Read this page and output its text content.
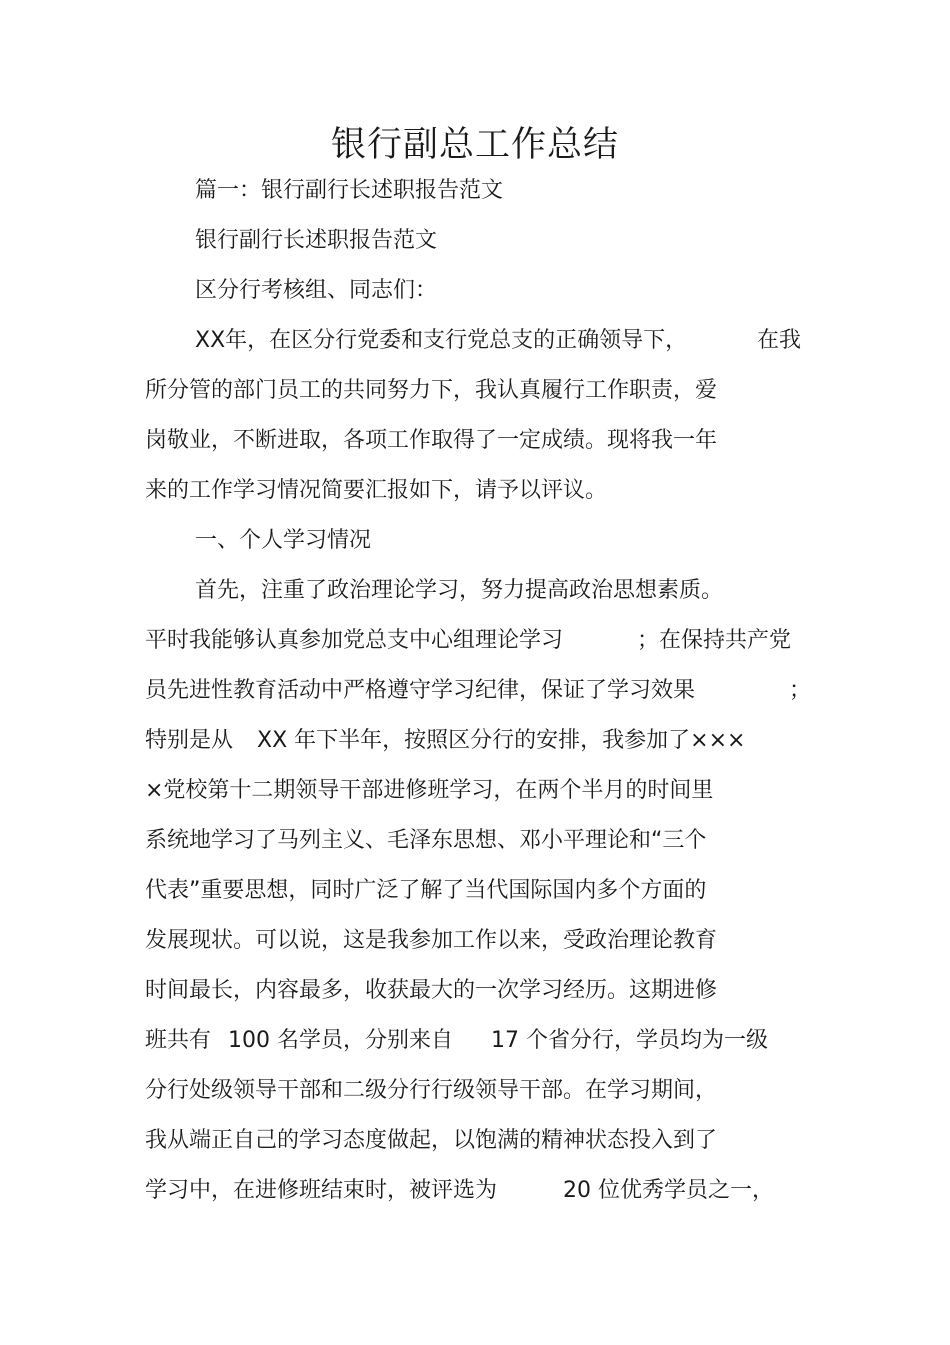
银行副总工作总结

篇一：银行副行长述职报告范文

银行副行长述职报告范文

区分行考核组、同志们：

XX年，在区分行党委和支行党总支的正确领导下，	在我

所分管的部门员工的共同努力下，我认真履行工作职责，爱

岗敬业，不断进取，各项工作取得了一定成绩。现将我一年

来的工作学习情况简要汇报如下，请予以评议。

一、个人学习情况

首先，注重了政治理论学习，努力提高政治思想素质。

平时我能够认真参加党总支中心组理论学习	；在保持共产党

员先进性教育活动中严格遵守学习纪律，保证了学习效果	；

特别是从 XX 年下半年，按照区分行的安排，我参加了×××

×党校第十二期领导干部进修班学习，在两个半月的时间里

系统地学习了马列主义、毛泽东思想、邓小平理论和“三个

代表”重要思想，同时广泛了解了当代国际国内多个方面的

发展现状。可以说，这是我参加工作以来，受政治理论教育

时间最长，内容最多，收获最大的一次学习经历。这期进修

班共有 100 名学员，分别来自 17 个省分行，学员均为一级

分行处级领导干部和二级分行行级领导干部。在学习期间，

我从端正自己的学习态度做起，以饱满的精神状态投入到了

学习中，在进修班结束时，被评选为	20 位优秀学员之一，
